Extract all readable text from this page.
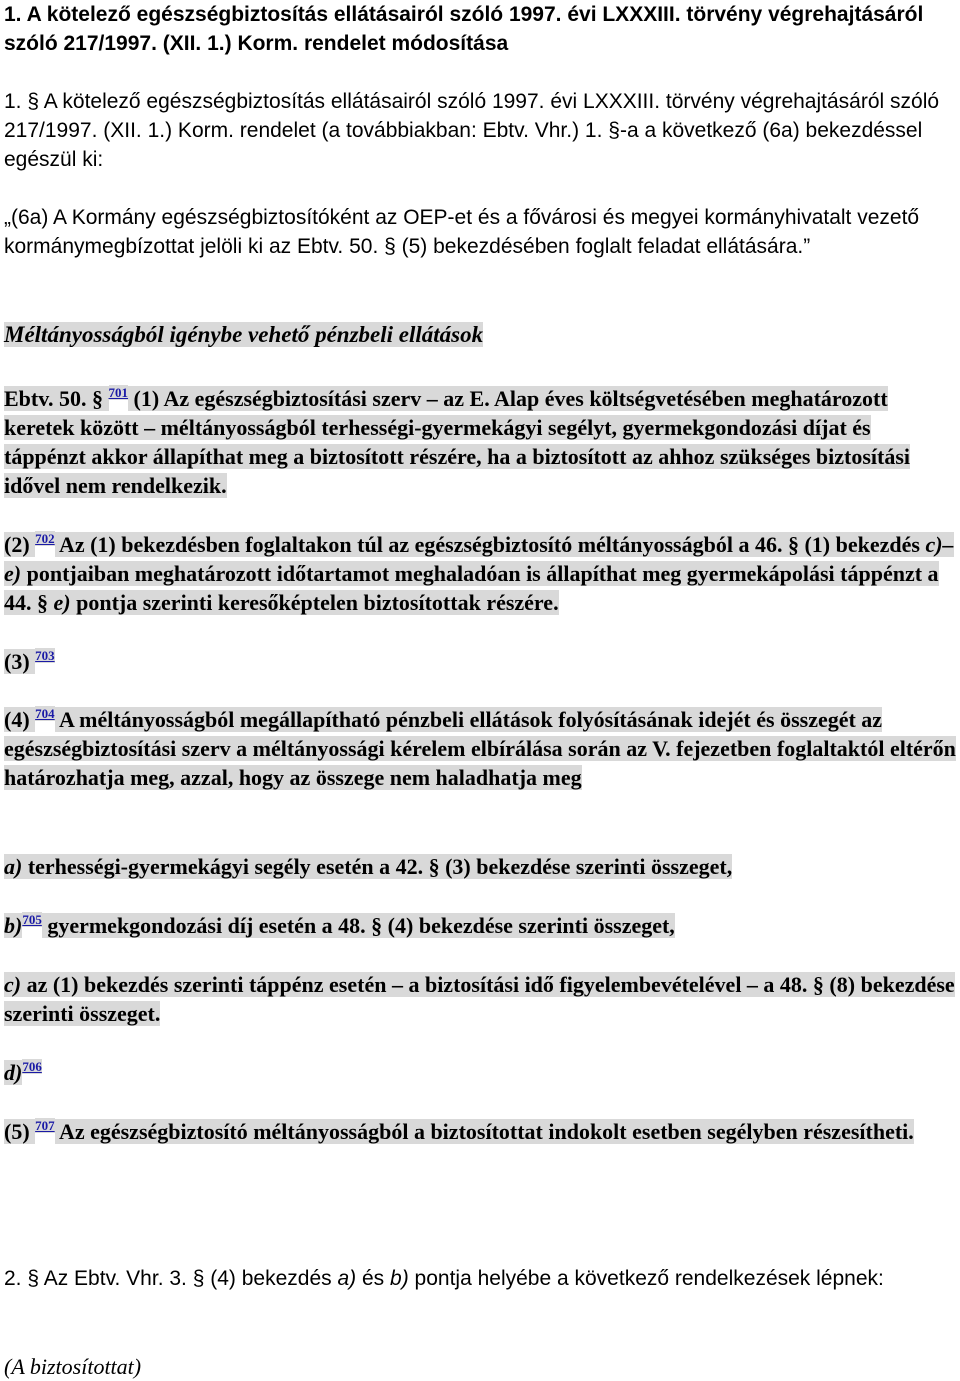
1. A kötelező egészségbiztosítás ellátásairól szóló 1997. évi LXXXIII. törvény végrehajtásáról szóló 217/1997. (XII. 1.) Korm. rendelet módosítása
1. § A kötelező egészségbiztosítás ellátásairól szóló 1997. évi LXXXIII. törvény végrehajtásáról szóló 217/1997. (XII. 1.) Korm. rendelet (a továbbiakban: Ebtv. Vhr.) 1. §-a a következő (6a) bekezdéssel egészül ki:
„(6a) A Kormány egészségbiztosítóként az OEP-et és a fővárosi és megyei kormányhivatalt vezető kormánymegbízottat jelöli ki az Ebtv. 50. § (5) bekezdésében foglalt feladat ellátására.”
Méltányosságból igénybe vehető pénzbeli ellátások
Ebtv. 50. § $^{701}$ (1) Az egészségbiztosítási szerv – az E. Alap éves költségvetésében meghatározott keretek között – méltányosságból terhességi-gyermekágyi segélyt, gyermekgondozási díjat és táppénzt akkor állapíthat meg a biztosított részére, ha a biztosított az ahhoz szükséges biztosítási idővel nem rendelkezik.
(2) $^{702}$ Az (1) bekezdésben foglaltakon túl az egészségbiztosító méltányosságból a 46. § (1) bekezdés c)–e) pontjaiban meghatározott időtartamot meghaladóan is állapíthat meg gyermekápolási táppénzt a 44. § e) pontja szerinti keresőképtelen biztosítottak részére.
(3) $^{703}$
(4) $^{704}$ A méltányosságból megállapítható pénzbeli ellátások folyósításának idejét és összegét az egészségbiztosítási szerv a méltányossági kérelem elbírálása során az V. fejezetben foglaltaktól eltérőn határozhatja meg, azzal, hogy az összege nem haladhatja meg
a) terhességi-gyermekágyi segély esetén a 42. § (3) bekezdése szerinti összeget,
b)$^{705}$ gyermekgondozási díj esetén a 48. § (4) bekezdése szerinti összeget,
c) az (1) bekezdés szerinti táppénz esetén – a biztosítási idő figyelembevételével – a 48. § (8) bekezdése szerinti összeget.
d)$^{706}$
(5) $^{707}$ Az egészségbiztosító méltányosságból a biztosítottat indokolt esetben segélyben részesítheti.
2. § Az Ebtv. Vhr. 3. § (4) bekezdés a) és b) pontja helyébe a következő rendelkezések lépnek:
(A biztosítottat)
